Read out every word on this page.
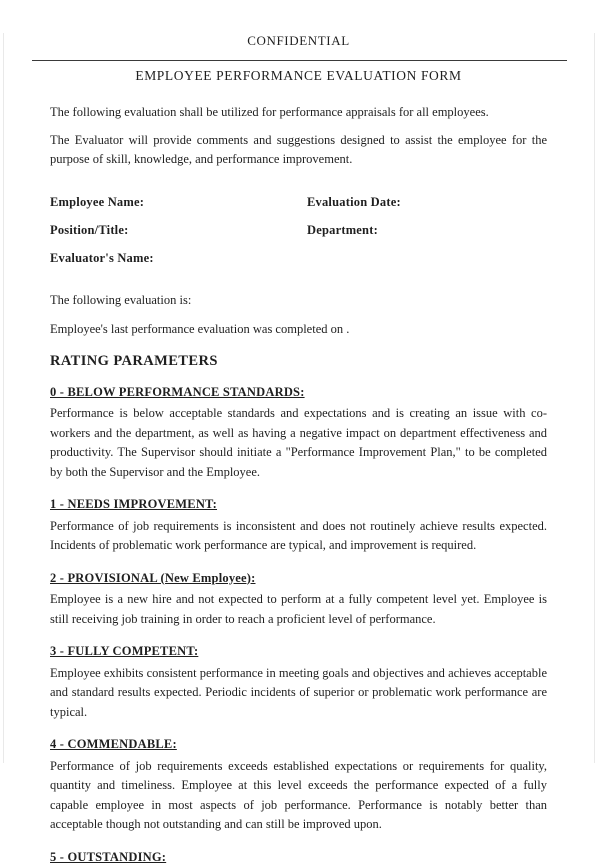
CONFIDENTIAL
EMPLOYEE PERFORMANCE EVALUATION FORM
The following evaluation shall be utilized for performance appraisals for all employees.
The Evaluator will provide comments and suggestions designed to assist the employee for the purpose of skill, knowledge, and performance improvement.
Employee Name:	Evaluation Date:
Position/Title:	Department:
Evaluator's Name:
The following evaluation is:
Employee's last performance evaluation was completed on .
RATING PARAMETERS
0 - BELOW PERFORMANCE STANDARDS:
Performance is below acceptable standards and expectations and is creating an issue with co-workers and the department, as well as having a negative impact on department effectiveness and productivity. The Supervisor should initiate a "Performance Improvement Plan," to be completed by both the Supervisor and the Employee.
1 - NEEDS IMPROVEMENT:
Performance of job requirements is inconsistent and does not routinely achieve results expected. Incidents of problematic work performance are typical, and improvement is required.
2 - PROVISIONAL (New Employee):
Employee is a new hire and not expected to perform at a fully competent level yet. Employee is still receiving job training in order to reach a proficient level of performance.
3 - FULLY COMPETENT:
Employee exhibits consistent performance in meeting goals and objectives and achieves acceptable and standard results expected. Periodic incidents of superior or problematic work performance are typical.
4 - COMMENDABLE:
Performance of job requirements exceeds established expectations or requirements for quality, quantity and timeliness. Employee at this level exceeds the performance expected of a fully capable employee in most aspects of job performance. Performance is notably better than acceptable though not outstanding and can still be improved upon.
5 - OUTSTANDING:
